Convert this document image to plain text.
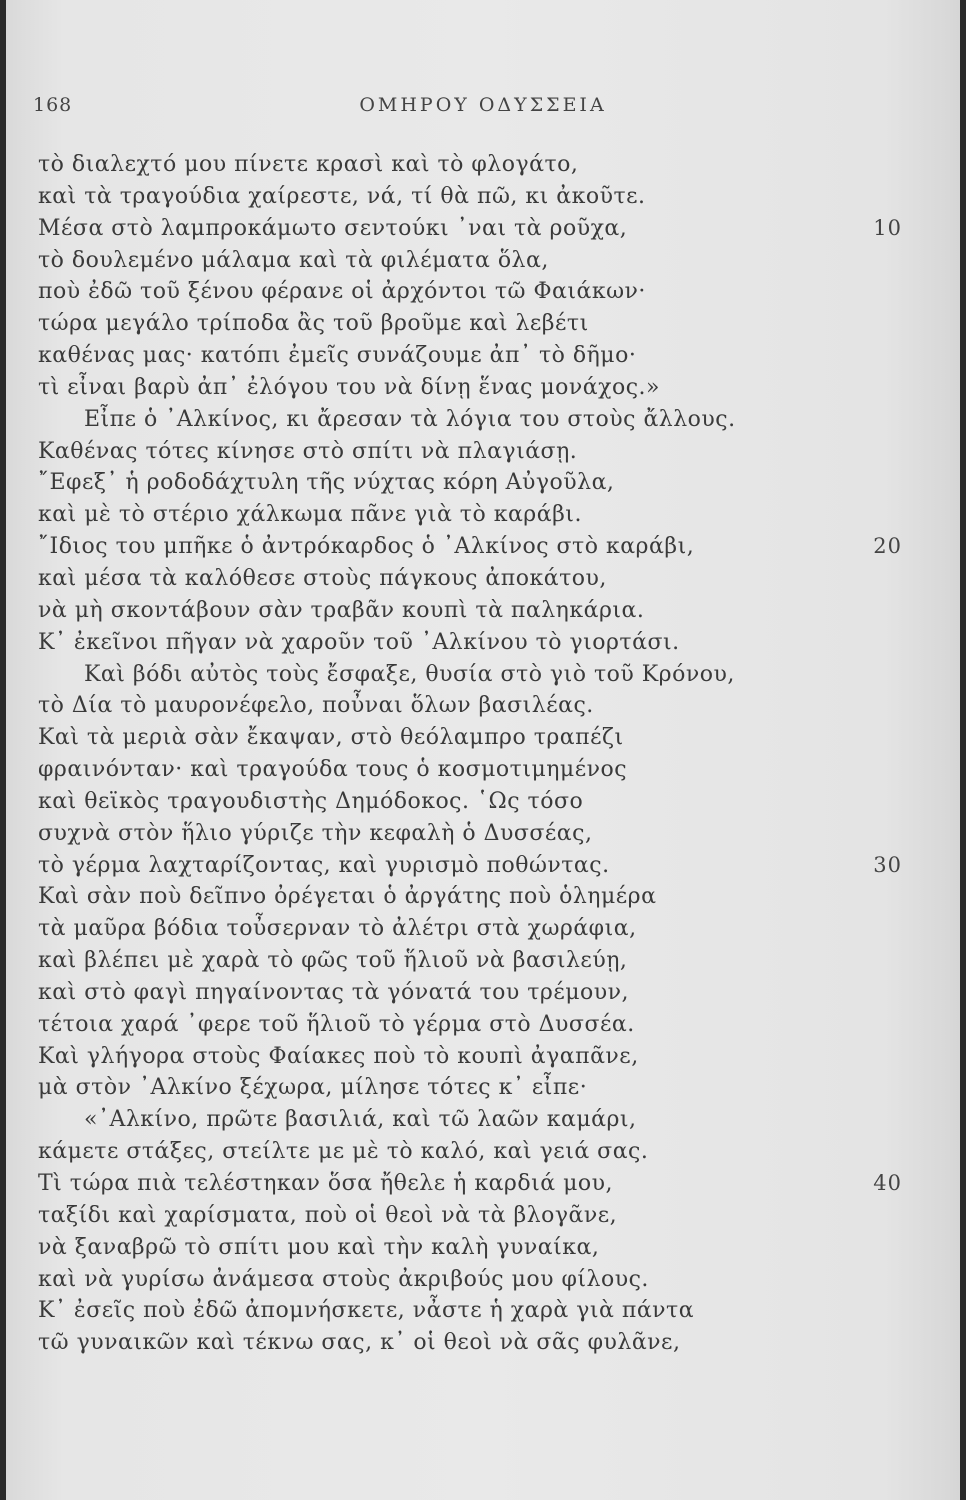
168	ΟΜΗΡΟΥ ΟΔΥΣΣΕΙΑ
τὸ διαλεχτό μου πίνετε κρασὶ καὶ τὸ φλογάτο,
καὶ τὰ τραγούδια χαίρεστε, νά, τί θὰ πῶ, κι ἀκοῦτε.
Μέσα στὸ λαμπροκάμωτο σεντούκι ᾿ναι τὰ ροῦχα,	10
τὸ δουλεμένο μάλαμα καὶ τὰ φιλέματα ὅλα,
ποὺ ἐδῶ τοῦ ξένου φέρανε οἱ ἀρχόντοι τῶ Φαιάκων·
τώρα μεγάλο τρίποδα ἂς τοῦ βροῦμε καὶ λεβέτι
καθένας μας· κατόπι ἐμεῖς συνάζουμε ἀπ᾿ τὸ δῆμο·
τὶ εἶναι βαρὺ ἀπ᾿ ἐλόγου του νὰ δίνῃ ἕνας μονάχος.»
Εἶπε ὁ ᾿Αλκίνος, κι ἄρεσαν τὰ λόγια του στοὺς ἄλλους.
Καθένας τότες κίνησε στὸ σπίτι νὰ πλαγιάσῃ.
῎Εφεξ᾿ ἡ ροδοδάχτυλη τῆς νύχτας κόρη Αὐγοῦλα,
καὶ μὲ τὸ στέριο χάλκωμα πᾶνε γιὰ τὸ καράβι.
῎Ιδιος του μπῆκε ὁ ἀντρόκαρδος ὁ ᾿Αλκίνος στὸ καράβι,	20
καὶ μέσα τὰ καλόθεσε στοὺς πάγκους ἀποκάτου,
νὰ μὴ σκοντάβουν σὰν τραβᾶν κουπὶ τὰ παληκάρια.
Κ᾿ ἐκεῖνοι πῆγαν νὰ χαροῦν τοῦ ᾿Αλκίνου τὸ γιορτάσι.
Καὶ βόδι αὐτὸς τοὺς ἔσφαξε, θυσία στὸ γιὸ τοῦ Κρόνου,
τὸ Δία τὸ μαυρονέφελο, ποὖναι ὅλων βασιλέας.
Καὶ τὰ μεριὰ σὰν ἔκαψαν, στὸ θεόλαμπρο τραπέζι
φραινόνταν· καὶ τραγούδα τους ὁ κοσμοτιμημένος
καὶ θεϊκὸς τραγουδιστὴς Δημόδοκος. ῾Ως τόσο
συχνὰ στὸν ἥλιο γύριζε τὴν κεφαλὴ ὁ Δυσσέας,
τὸ γέρμα λαχταρίζοντας, καὶ γυρισμὸ ποθώντας.	30
Καὶ σὰν ποὺ δεῖπνο ὀρέγεται ὁ ἀργάτης ποὺ ὁλημέρα
τὰ μαῦρα βόδια τοὖσερναν τὸ ἀλέτρι στὰ χωράφια,
καὶ βλέπει μὲ χαρὰ τὸ φῶς τοῦ ἥλιοῦ νὰ βασιλεύῃ,
καὶ στὸ φαγὶ πηγαίνοντας τὰ γόνατά του τρέμουν,
τέτοια χαρά ᾿φερε τοῦ ἥλιοῦ τὸ γέρμα στὸ Δυσσέα.
Καὶ γλήγορα στοὺς Φαίακες ποὺ τὸ κουπὶ ἀγαπᾶνε,
μὰ στὸν ᾿Αλκίνο ξέχωρα, μίλησε τότες κ᾿ εἶπε·
«᾿Αλκίνο, πρῶτε βασιλιά, καὶ τῶ λαῶν καμάρι,
κάμετε στάξες, στείλτε με μὲ τὸ καλό, καὶ γειά σας.
Τὶ τώρα πιὰ τελέστηκαν ὅσα ἤθελε ἡ καρδιά μου,	40
ταξίδι καὶ χαρίσματα, ποὺ οἱ θεοὶ νὰ τὰ βλογᾶνε,
νὰ ξαναβρῶ τὸ σπίτι μου καὶ τὴν καλὴ γυναίκα,
καὶ νὰ γυρίσω ἀνάμεσα στοὺς ἀκριβούς μου φίλους.
Κ᾿ ἐσεῖς ποὺ ἐδῶ ἀπομνήσκετε, νἆστε ἡ χαρὰ γιὰ πάντα
τῶ γυναικῶν καὶ τέκνω σας, κ᾿ οἱ θεοὶ νὰ σᾶς φυλᾶνε,
